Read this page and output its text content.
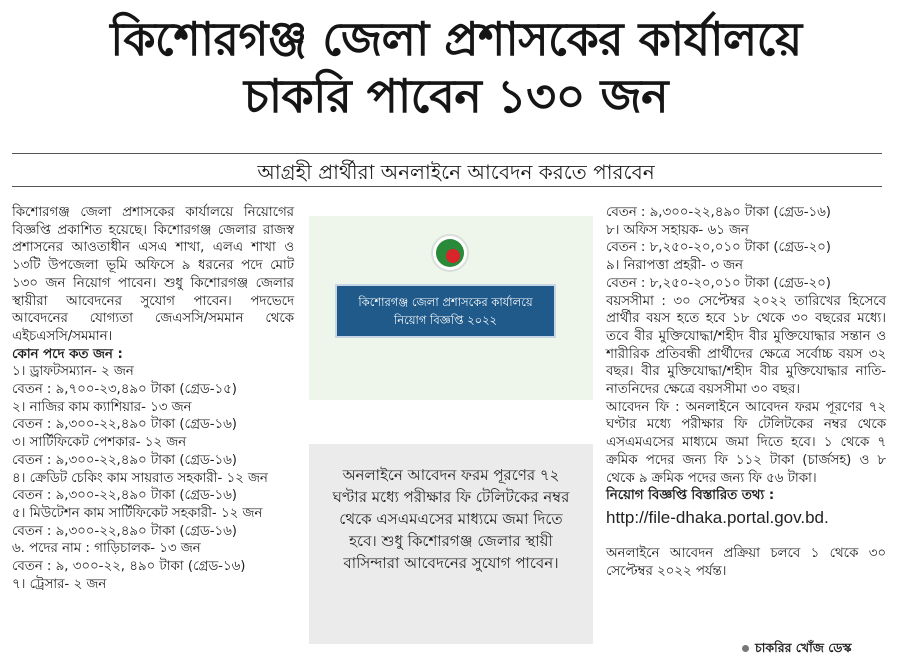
কিশোরগঞ্জ জেলা প্রশাসকের কার্যালয়ে
চাকরি পাবেন ১৩০ জন
আগ্রহী প্রার্থীরা অনলাইনে আবেদন করতে পারবেন

কিশোরগঞ্জ জেলা প্রশাসকের কার্যালয়ে নিয়োগের বিজ্ঞপ্তি প্রকাশিত হয়েছে। কিশোরগঞ্জ জেলার রাজস্ব প্রশাসনের আওতাধীন এসএ শাখা, এলএ শাখা ও ১৩টি উপজেলা ভূমি অফিসে ৯ ধরনের পদে মোট ১৩০ জন নিয়োগ পাবেন। শুধু কিশোরগঞ্জ জেলার স্থায়ীরা আবেদনের সুযোগ পাবেন। পদভেদে আবেদনের যোগ্যতা জেএসসি/সমমান থেকে এইচএসসি/সমমান।

কোন পদে কত জন :

১। ড্রাফটসম্যান- ২ জন

বেতন : ৯,৭০০-২৩,৪৯০ টাকা (গ্রেড-১৫)

২। নাজির কাম ক্যাশিয়ার- ১৩ জন

বেতন : ৯,৩০০-২২,৪৯০ টাকা (গ্রেড-১৬)

৩। সার্টিফিকেট পেশকার- ১২ জন

বেতন : ৯,৩০০-২২,৪৯০ টাকা (গ্রেড-১৬)

৪। ক্রেডিট চেকিং কাম সায়রাত সহকারী- ১২ জন

বেতন : ৯,৩০০-২২,৪৯০ টাকা (গ্রেড-১৬)

৫। মিউটেশন কাম সার্টিফিকেট সহকারী- ১২ জন

বেতন : ৯,৩০০-২২,৪৯০ টাকা (গ্রেড-১৬)

৬. পদের নাম : গাড়িচালক- ১৩ জন

বেতন : ৯, ৩০০-২২, ৪৯০ টাকা (গ্রেড-১৬)

৭। ট্রেসার- ২ জন

কিশোরগঞ্জ জেলা প্রশাসকের কার্যালয়ে
নিয়োগ বিজ্ঞপ্তি ২০২২
অনলাইনে আবেদন ফরম পূরণের ৭২ ঘণ্টার মধ্যে পরীক্ষার ফি টেলিটকের নম্বর থেকে এসএমএসের মাধ্যমে জমা দিতে হবে। শুধু কিশোরগঞ্জ জেলার স্থায়ী বাসিন্দারা আবেদনের সুযোগ পাবেন।

বেতন : ৯,৩০০-২২,৪৯০ টাকা (গ্রেড-১৬)

৮। অফিস সহায়ক- ৬১ জন

বেতন : ৮,২৫০-২০,০১০ টাকা (গ্রেড-২০)

৯। নিরাপত্তা প্রহরী- ৩ জন

বেতন : ৮,২৫০-২০,০১০ টাকা (গ্রেড-২০)

বয়সসীমা : ৩০ সেপ্টেম্বর ২০২২ তারিখের হিসেবে প্রার্থীর বয়স হতে হবে ১৮ থেকে ৩০ বছরের মধ্যে। তবে বীর মুক্তিযোদ্ধা/শহীদ বীর মুক্তিযোদ্ধার সন্তান ও শারীরিক প্রতিবন্ধী প্রার্থীদের ক্ষেত্রে সর্বোচ্চ বয়স ৩২ বছর। বীর মুক্তিযোদ্ধা/শহীদ বীর মুক্তিযোদ্ধার নাতি-নাতনিদের ক্ষেত্রে বয়সসীমা ৩০ বছর।

আবেদন ফি : অনলাইনে আবেদন ফরম পূরণের ৭২ ঘণ্টার মধ্যে পরীক্ষার ফি টেলিটকের নম্বর থেকে এসএমএসের মাধ্যমে জমা দিতে হবে। ১ থেকে ৭ ক্রমিক পদের জন্য ফি ১১২ টাকা (চার্জসহ) ও ৮ থেকে ৯ ক্রমিক পদের জন্য ফি ৫৬ টাকা।

নিয়োগ বিজ্ঞপ্তি বিস্তারিত তথ্য :

http://file-dhaka.portal.gov.bd.

অনলাইনে আবেদন প্রক্রিয়া চলবে ১ থেকে ৩০ সেপ্টেম্বর ২০২২ পর্যন্ত।

চাকরির খোঁজ ডেস্ক
